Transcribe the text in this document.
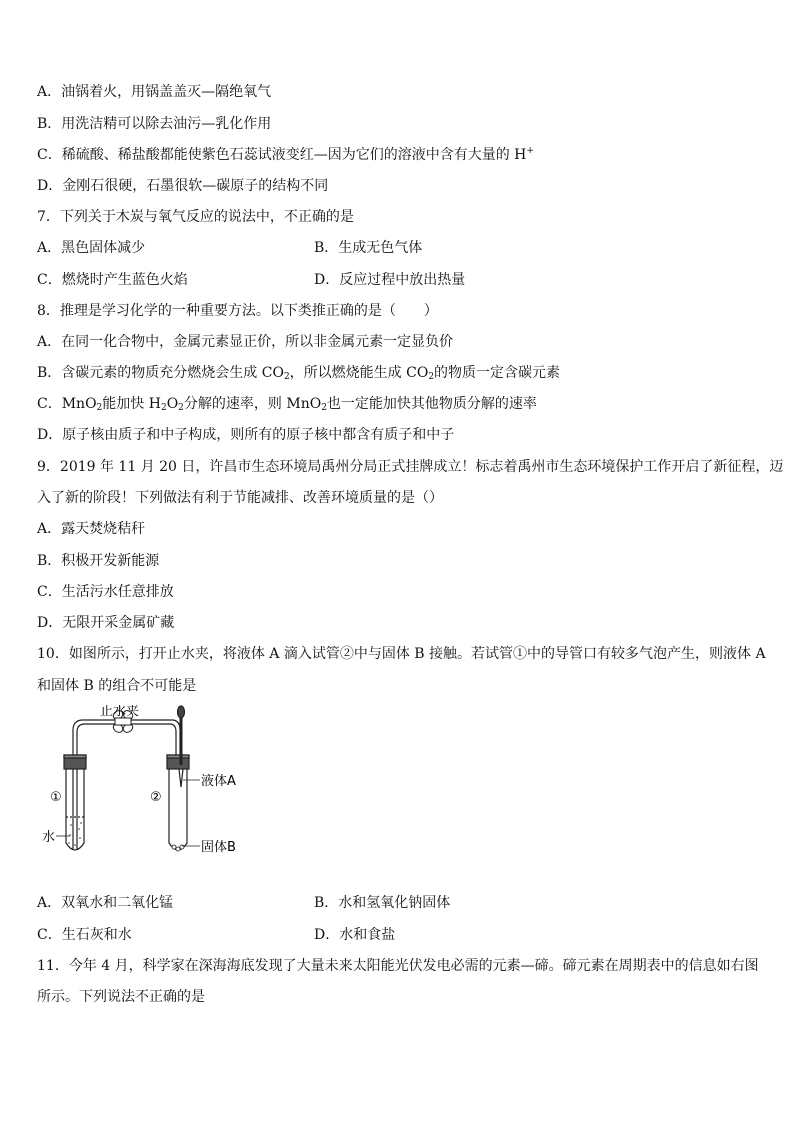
A．油锅着火，用锅盖盖灭—隔绝氧气
B．用洗洁精可以除去油污—乳化作用
C．稀硫酸、稀盐酸都能使紫色石蕊试液变红—因为它们的溶液中含有大量的 H+
D．金刚石很硬，石墨很软—碳原子的结构不同
7．下列关于木炭与氧气反应的说法中，不正确的是
A．黑色固体减少	B．生成无色气体
C．燃烧时产生蓝色火焰	D．反应过程中放出热量
8．推理是学习化学的一种重要方法。以下类推正确的是（　　）
A．在同一化合物中，金属元素显正价，所以非金属元素一定显负价
B．含碳元素的物质充分燃烧会生成 $CO_2$，所以燃烧能生成 $CO_2$的物质一定含碳元素
C．MnO$_2$能加快 $H_2O_2$分解的速率，则 MnO$_2$也一定能加快其他物质分解的速率
D．原子核由质子和中子构成，则所有的原子核中都含有质子和中子
9．2019 年 11 月 20 日，许昌市生态环境局禹州分局正式挂牌成立！标志着禹州市生态环境保护工作开启了新征程，迈
入了新的阶段！下列做法有利于节能减排、改善环境质量的是（）
A．露天焚烧秸秆
B．积极开发新能源
C．生活污水任意排放
D．无限开采金属矿藏
10．如图所示，打开止水夹，将液体 A 滴入试管②中与固体 B 接触。若试管①中的导管口有较多气泡产生，则液体 A
和固体 B 的组合不可能是
止水夹
①	②
水
液体A
固体B
A．双氧水和二氧化锰	B．水和氢氧化钠固体
C．生石灰和水	D．水和食盐
11．今年 4 月，科学家在深海海底发现了大量未来太阳能光伏发电必需的元素—碲。碲元素在周期表中的信息如右图
所示。下列说法不正确的是
